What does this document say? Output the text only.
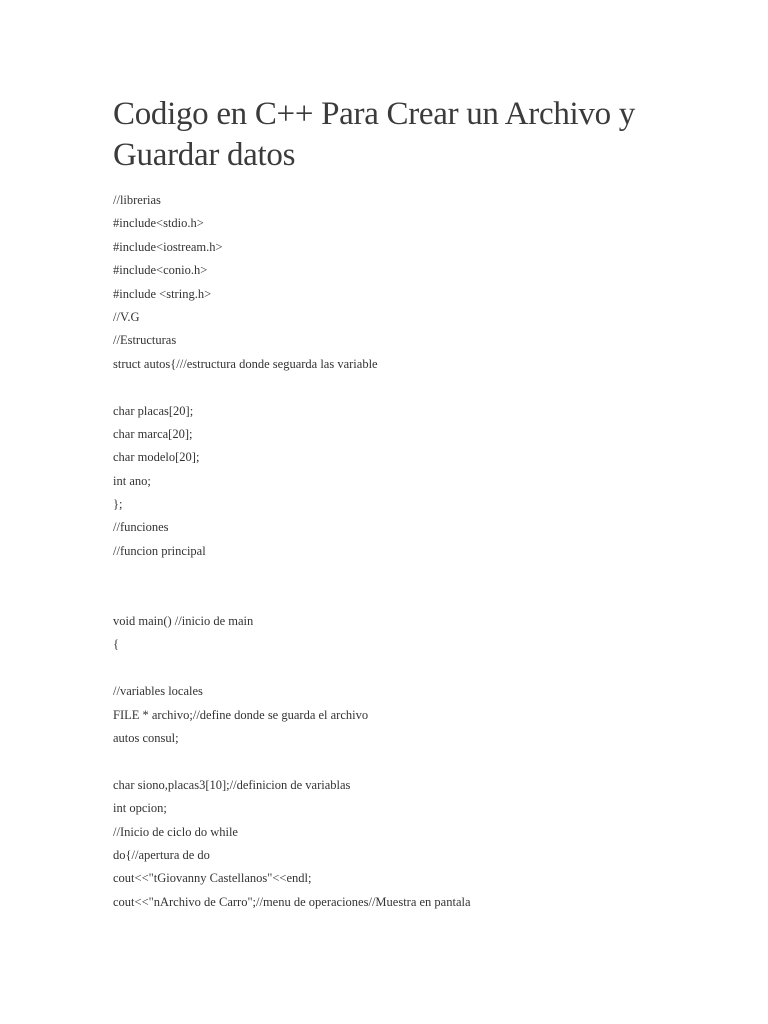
Codigo en C++ Para Crear un Archivo y Guardar datos
//librerias
#include<stdio.h>
#include<iostream.h>
#include<conio.h>
#include <string.h>
//V.G
//Estructuras
struct autos{///estructura donde seguarda las variable
char placas[20];
char marca[20];
char modelo[20];
int ano;
};
//funciones
//funcion principal
void main() //inicio de main
{
//variables locales
FILE * archivo;//define donde se guarda el archivo
autos consul;
char siono,placas3[10];//definicion de variablas
int opcion;
//Inicio de ciclo do while
do{//apertura de do
cout<<"tGiovanny Castellanos"<<endl;
cout<<"nArchivo de Carro";//menu de operaciones//Muestra en pantala
